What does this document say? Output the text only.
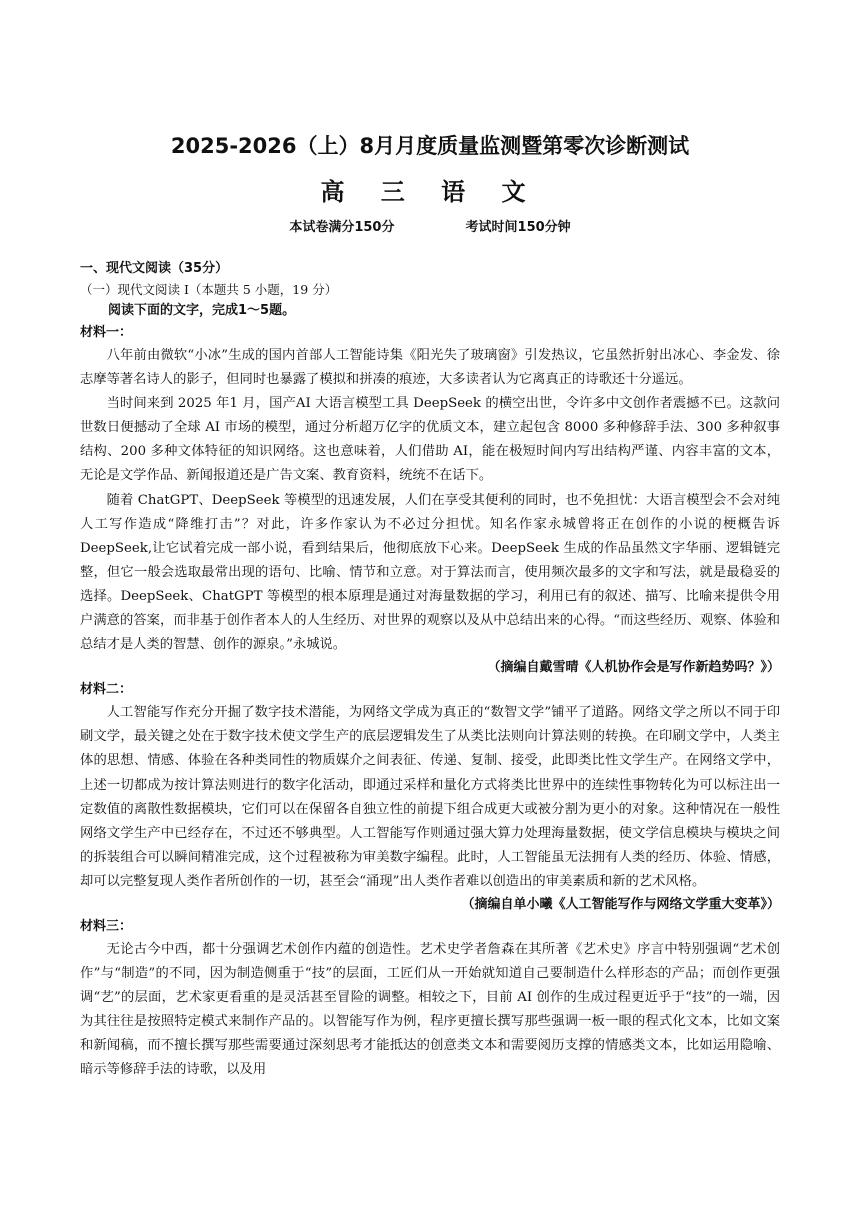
2025-2026（上）8月月度质量监测暨第零次诊断测试
高 三 语 文
本试卷满分150分	考试时间150分钟
一、现代文阅读（35分）
（一）现代文阅读 I（本题共 5 小题，19 分）
阅读下面的文字，完成1～5题。
材料一：

八年前由微软“小冰”生成的国内首部人工智能诗集《阳光失了玻璃窗》引发热议，它虽然折射出冰心、李金发、徐志摩等著名诗人的影子，但同时也暴露了模拟和拼凑的痕迹，大多读者认为它离真正的诗歌还十分遥远。

当时间来到 2025 年1 月，国产AI 大语言模型工具 DeepSeek 的横空出世，令许多中文创作者震撼不已。这款问世数日便撼动了全球 AI 市场的模型，通过分析超万亿字的优质文本，建立起包含 8000 多种修辞手法、300 多种叙事结构、200 多种文体特征的知识网络。这也意味着，人们借助 AI，能在极短时间内写出结构严谨、内容丰富的文本，无论是文学作品、新闻报道还是广告文案、教育资料，统统不在话下。

随着 ChatGPT、DeepSeek 等模型的迅速发展，人们在享受其便利的同时，也不免担忧：大语言模型会不会对纯人工写作造成“降维打击”？对此，许多作家认为不必过分担忧。知名作家永城曾将正在创作的小说的梗概告诉 DeepSeek,让它试着完成一部小说，看到结果后，他彻底放下心来。DeepSeek 生成的作品虽然文字华丽、逻辑链完整，但它一般会选取最常出现的语句、比喻、情节和立意。对于算法而言，使用频次最多的文字和写法，就是最稳妥的选择。DeepSeek、ChatGPT 等模型的根本原理是通过对海量数据的学习，利用已有的叙述、描写、比喻来提供令用户满意的答案，而非基于创作者本人的人生经历、对世界的观察以及从中总结出来的心得。“而这些经历、观察、体验和总结才是人类的智慧、创作的源泉。”永城说。

（摘编自戴雪晴《人机协作会是写作新趋势吗？》）
材料二：

人工智能写作充分开掘了数字技术潜能，为网络文学成为真正的“数智文学”铺平了道路。网络文学之所以不同于印刷文学，最关键之处在于数字技术使文学生产的底层逻辑发生了从类比法则向计算法则的转换。在印刷文学中，人类主体的思想、情感、体验在各种类同性的物质媒介之间表征、传递、复制、接受，此即类比性文学生产。在网络文学中，上述一切都成为按计算法则进行的数字化活动，即通过采样和量化方式将类比世界中的连续性事物转化为可以标注出一定数值的离散性数据模块，它们可以在保留各自独立性的前提下组合成更大或被分割为更小的对象。这种情况在一般性网络文学生产中已经存在，不过还不够典型。人工智能写作则通过强大算力处理海量数据，使文学信息模块与模块之间的拆装组合可以瞬间精准完成，这个过程被称为审美数字编程。此时，人工智能虽无法拥有人类的经历、体验、情感，却可以完整复现人类作者所创作的一切，甚至会“涌现”出人类作者难以创造出的审美素质和新的艺术风格。

（摘编自单小曦《人工智能写作与网络文学重大变革》）
材料三：

无论古今中西，都十分强调艺术创作内蕴的创造性。艺术史学者詹森在其所著《艺术史》序言中特别强调“艺术创作”与“制造”的不同，因为制造侧重于“技”的层面，工匠们从一开始就知道自己要制造什么样形态的产品；而创作更强调“艺”的层面，艺术家更看重的是灵活甚至冒险的调整。相较之下，目前 AI 创作的生成过程更近乎于“技”的一端，因为其往往是按照特定模式来制作产品的。以智能写作为例，程序更擅长撰写那些强调一板一眼的程式化文本，比如文案和新闻稿，而不擅长撰写那些需要通过深刻思考才能抵达的创意类文本和需要阅历支撑的情感类文本，比如运用隐喻、暗示等修辞手法的诗歌，以及用
